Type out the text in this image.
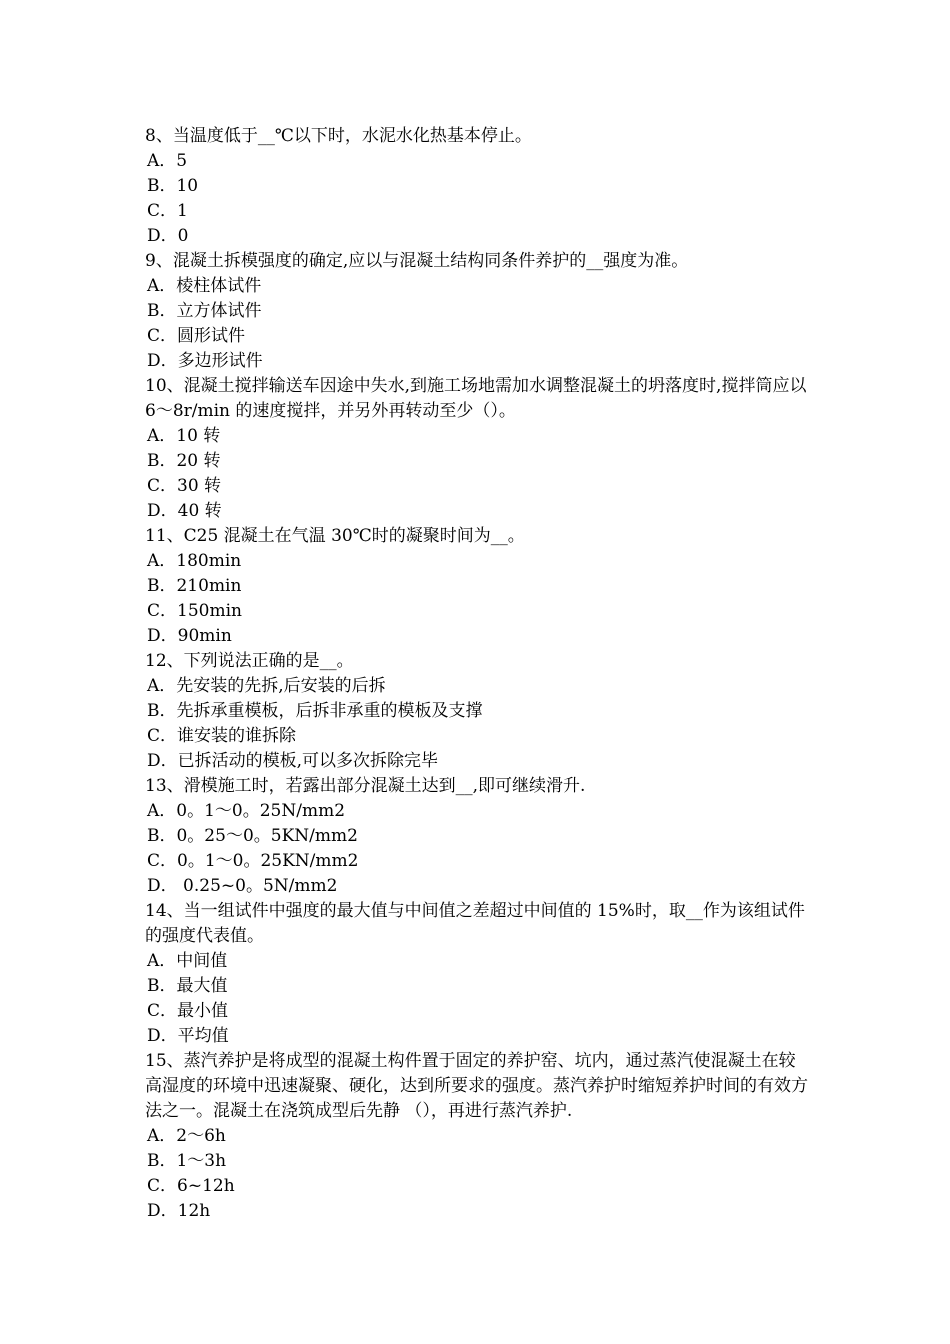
8、当温度低于__℃以下时，水泥水化热基本停止。

A．5

B．10

C．1

D．0

9、混凝土拆模强度的确定,应以与混凝土结构同条件养护的__强度为准。

A．棱柱体试件

B．立方体试件

C．圆形试件

D．多边形试件

10、混凝土搅拌输送车因途中失水,到施工场地需加水调整混凝土的坍落度时,搅拌筒应以 6～8r/min 的速度搅拌，并另外再转动至少（）。

A．10 转

B．20 转

C．30 转

D．40 转

11、C25 混凝土在气温 30℃时的凝聚时间为__。

A．180min

B．210min

C．150min

D．90min

12、下列说法正确的是__。

A．先安装的先拆,后安装的后拆

B．先拆承重模板，后拆非承重的模板及支撑

C．谁安装的谁拆除

D．已拆活动的模板,可以多次拆除完毕

13、滑模施工时，若露出部分混凝土达到__,即可继续滑升.

A．0。1～0。25N/mm2

B．0。25～0。5KN/mm2

C．0。1～0。25KN/mm2

D． 0.25~0。5N/mm2

14、当一组试件中强度的最大值与中间值之差超过中间值的 15%时，取__作为该组试件的强度代表值。

A．中间值

B．最大值

C．最小值

D．平均值

15、蒸汽养护是将成型的混凝土构件置于固定的养护窑、坑内，通过蒸汽使混凝土在较高湿度的环境中迅速凝聚、硬化，达到所要求的强度。蒸汽养护时缩短养护时间的有效方法之一。混凝土在浇筑成型后先静 （），再进行蒸汽养护.

A．2～6h

B．1～3h

C．6~12h

D．12h
